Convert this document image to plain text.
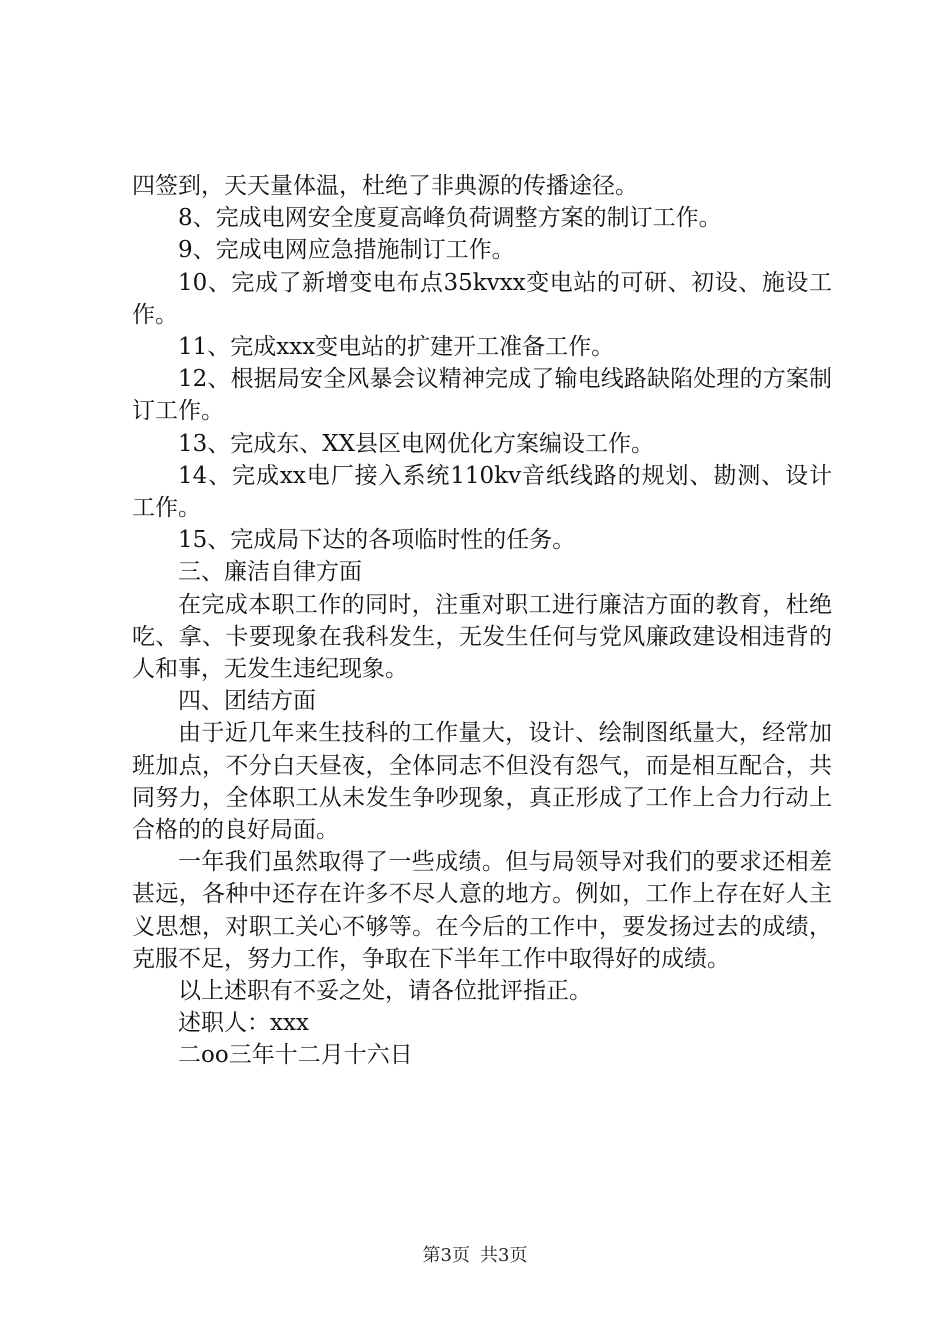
四签到，天天量体温，杜绝了非典源的传播途径。

8、完成电网安全度夏高峰负荷调整方案的制订工作。

9、完成电网应急措施制订工作。

10、完成了新增变电布点35kvxx变电站的可研、初设、施设工作。

11、完成xxx变电站的扩建开工准备工作。

12、根据局安全风暴会议精神完成了输电线路缺陷处理的方案制订工作。

13、完成东、XX县区电网优化方案编设工作。

14、完成xx电厂接入系统110kv音纸线路的规划、勘测、设计工作。

15、完成局下达的各项临时性的任务。

三、廉洁自律方面

在完成本职工作的同时，注重对职工进行廉洁方面的教育，杜绝吃、拿、卡要现象在我科发生，无发生任何与党风廉政建设相违背的人和事，无发生违纪现象。

四、团结方面

由于近几年来生技科的工作量大，设计、绘制图纸量大，经常加班加点，不分白天昼夜，全体同志不但没有怨气，而是相互配合，共同努力，全体职工从未发生争吵现象，真正形成了工作上合力行动上合格的的良好局面。

一年我们虽然取得了一些成绩。但与局领导对我们的要求还相差甚远，各种中还存在许多不尽人意的地方。例如，工作上存在好人主义思想，对职工关心不够等。在今后的工作中，要发扬过去的成绩，克服不足，努力工作，争取在下半年工作中取得好的成绩。

以上述职有不妥之处，请各位批评指正。

述职人：xxx

二oo三年十二月十六日

第3页 共3页
